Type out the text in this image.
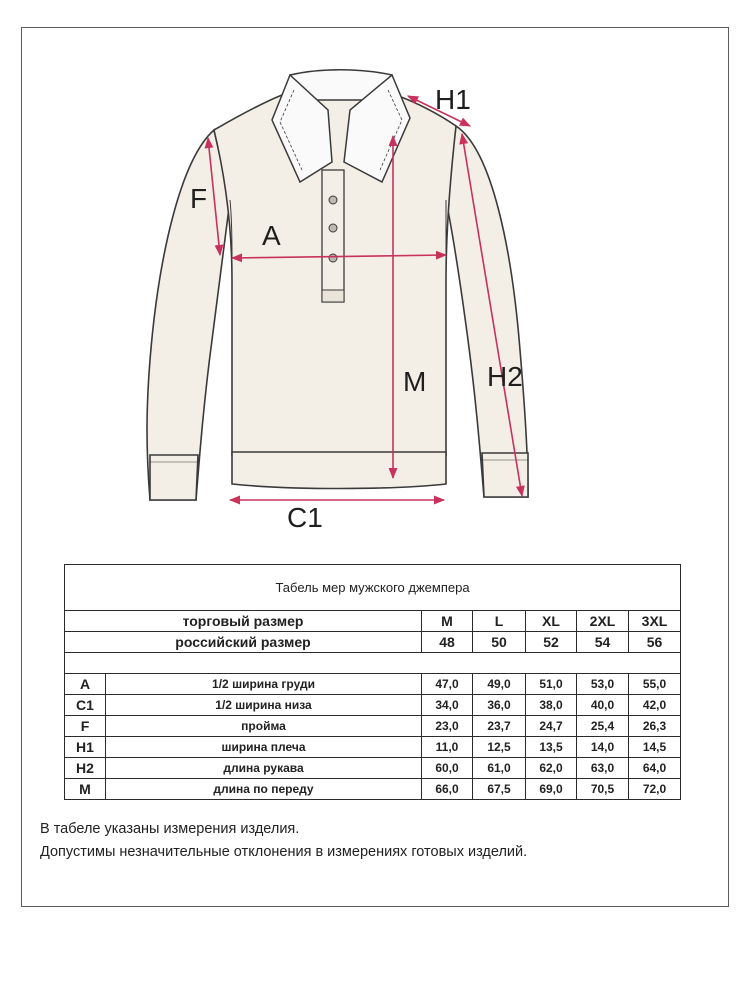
F
A
H1
M H2
C1
Табель мер мужского джемпера						
торговый размер		M	L	XL	2XL	3XL
российский размер		48	50	52	54	56

A	1/2 ширина груди	47,0	49,0	51,0	53,0	55,0
C1	1/2 ширина низа	34,0	36,0	38,0	40,0	42,0
F	пройма	23,0	23,7	24,7	25,4	26,3
H1	ширина плеча	11,0	12,5	13,5	14,0	14,5
H2	длина рукава	60,0	61,0	62,0	63,0	64,0
M	длина по переду	66,0	67,5	69,0	70,5	72,0
В табеле указаны измерения изделия.
Допустимы незначительные отклонения в измерениях готовых изделий.
